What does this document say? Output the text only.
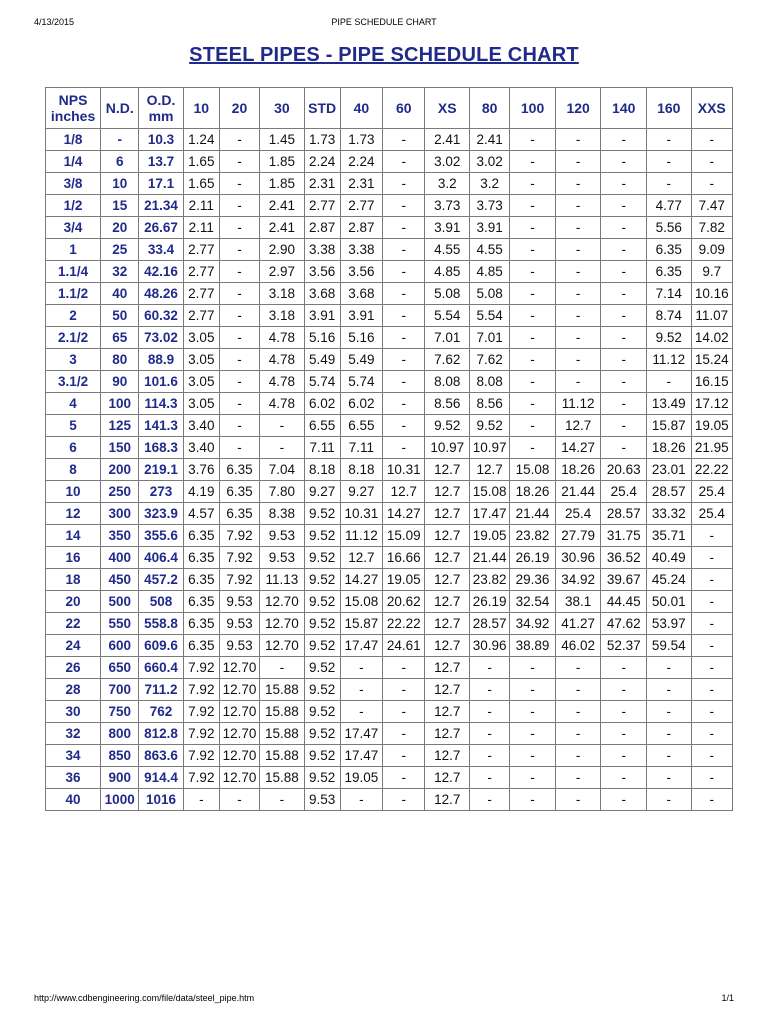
4/13/2015	PIPE SCHEDULE CHART
STEEL PIPES - PIPE SCHEDULE CHART
NPS inches	N.D.	O.D. mm	10	20	30	STD	40	60	XS	80	100	120	140	160	XXS
1/8	-	10.3	1.24	-	1.45	1.73	1.73	-	2.41	2.41	-	-	-	-	-
1/4	6	13.7	1.65	-	1.85	2.24	2.24	-	3.02	3.02	-	-	-	-	-
3/8	10	17.1	1.65	-	1.85	2.31	2.31	-	3.2	3.2	-	-	-	-	-
1/2	15	21.34	2.11	-	2.41	2.77	2.77	-	3.73	3.73	-	-	-	4.77	7.47
3/4	20	26.67	2.11	-	2.41	2.87	2.87	-	3.91	3.91	-	-	-	5.56	7.82
1	25	33.4	2.77	-	2.90	3.38	3.38	-	4.55	4.55	-	-	-	6.35	9.09
1.1/4	32	42.16	2.77	-	2.97	3.56	3.56	-	4.85	4.85	-	-	-	6.35	9.7
1.1/2	40	48.26	2.77	-	3.18	3.68	3.68	-	5.08	5.08	-	-	-	7.14	10.16
2	50	60.32	2.77	-	3.18	3.91	3.91	-	5.54	5.54	-	-	-	8.74	11.07
2.1/2	65	73.02	3.05	-	4.78	5.16	5.16	-	7.01	7.01	-	-	-	9.52	14.02
3	80	88.9	3.05	-	4.78	5.49	5.49	-	7.62	7.62	-	-	-	11.12	15.24
3.1/2	90	101.6	3.05	-	4.78	5.74	5.74	-	8.08	8.08	-	-	-	-	16.15
4	100	114.3	3.05	-	4.78	6.02	6.02	-	8.56	8.56	-	11.12	-	13.49	17.12
5	125	141.3	3.40	-	-	6.55	6.55	-	9.52	9.52	-	12.7	-	15.87	19.05
6	150	168.3	3.40	-	-	7.11	7.11	-	10.97	10.97	-	14.27	-	18.26	21.95
8	200	219.1	3.76	6.35	7.04	8.18	8.18	10.31	12.7	12.7	15.08	18.26	20.63	23.01	22.22
10	250	273	4.19	6.35	7.80	9.27	9.27	12.7	12.7	15.08	18.26	21.44	25.4	28.57	25.4
12	300	323.9	4.57	6.35	8.38	9.52	10.31	14.27	12.7	17.47	21.44	25.4	28.57	33.32	25.4
14	350	355.6	6.35	7.92	9.53	9.52	11.12	15.09	12.7	19.05	23.82	27.79	31.75	35.71	-
16	400	406.4	6.35	7.92	9.53	9.52	12.7	16.66	12.7	21.44	26.19	30.96	36.52	40.49	-
18	450	457.2	6.35	7.92	11.13	9.52	14.27	19.05	12.7	23.82	29.36	34.92	39.67	45.24	-
20	500	508	6.35	9.53	12.70	9.52	15.08	20.62	12.7	26.19	32.54	38.1	44.45	50.01	-
22	550	558.8	6.35	9.53	12.70	9.52	15.87	22.22	12.7	28.57	34.92	41.27	47.62	53.97	-
24	600	609.6	6.35	9.53	12.70	9.52	17.47	24.61	12.7	30.96	38.89	46.02	52.37	59.54	-
26	650	660.4	7.92	12.70	-	9.52	-	-	12.7	-	-	-	-	-	-
28	700	711.2	7.92	12.70	15.88	9.52	-	-	12.7	-	-	-	-	-	-
30	750	762	7.92	12.70	15.88	9.52	-	-	12.7	-	-	-	-	-	-
32	800	812.8	7.92	12.70	15.88	9.52	17.47	-	12.7	-	-	-	-	-	-
34	850	863.6	7.92	12.70	15.88	9.52	17.47	-	12.7	-	-	-	-	-	-
36	900	914.4	7.92	12.70	15.88	9.52	19.05	-	12.7	-	-	-	-	-	-
40	1000	1016	-	-	-	9.53	-	-	12.7	-	-	-	-	-	-
http://www.cdbengineering.com/file/data/steel_pipe.htm	1/1
